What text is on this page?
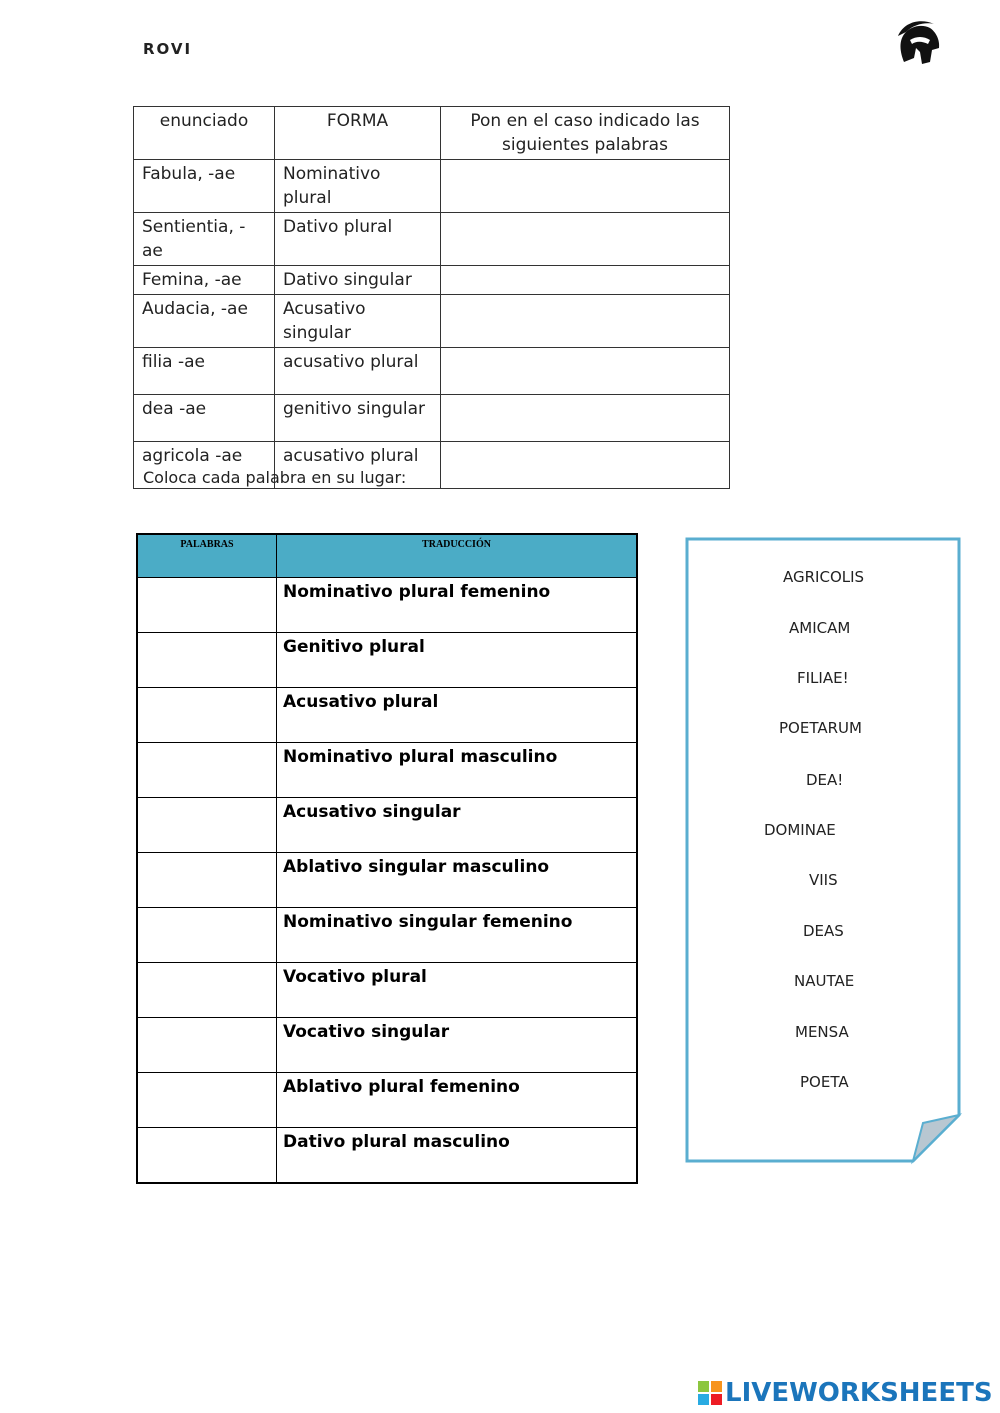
ROVI
enunciado	FORMA	Pon en el caso indicado las siguientes palabras
Fabula, -ae	Nominativo plural	
Sentientia, -ae	Dativo plural	
Femina, -ae	Dativo singular	
Audacia, -ae	Acusativo singular	
filia -ae	acusativo plural	
dea -ae	genitivo singular	
agricola -ae	acusativo plural	
Coloca cada palabra en su lugar:
PALABRAS	TRADUCCIÓN
	Nominativo plural femenino
	Genitivo plural
	Acusativo plural
	Nominativo plural masculino
	Acusativo singular
	Ablativo singular masculino
	Nominativo singular femenino
	Vocativo plural
	Vocativo singular
	Ablativo plural femenino
	Dativo plural masculino
AGRICOLIS
AMICAM
FILIAE!
POETARUM
DEA!
DOMINAE
VIIS
DEAS
NAUTAE
MENSA
POETA
LIVEWORKSHEETS
